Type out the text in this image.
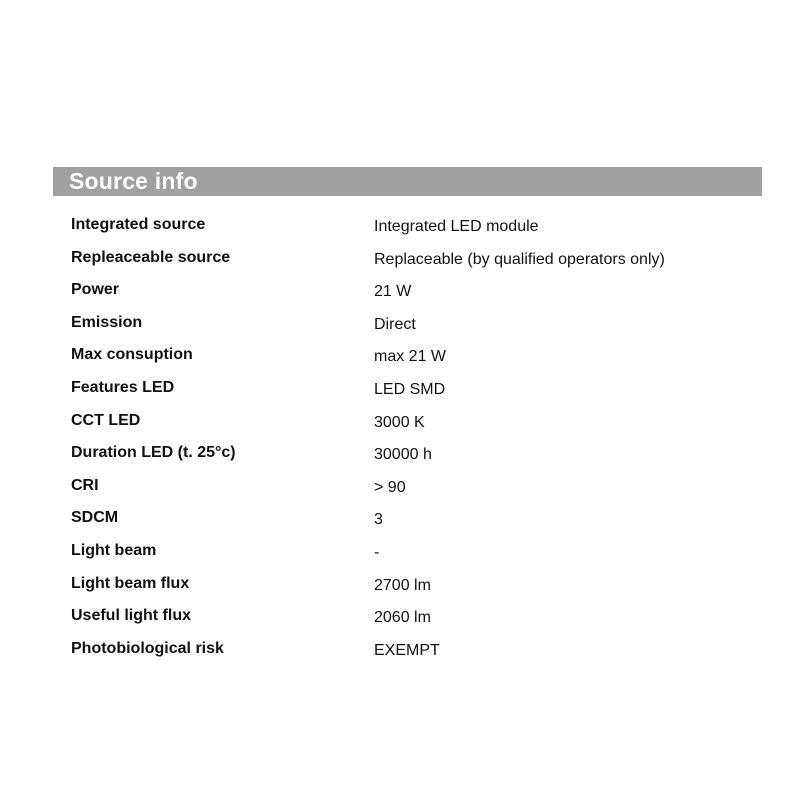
Source info
Integrated source	Integrated LED module
Repleaceable source	Replaceable (by qualified operators only)
Power	21 W
Emission	Direct
Max consuption	max 21 W
Features LED	LED SMD
CCT LED	3000 K
Duration LED (t. 25°c)	30000 h
CRI	> 90
SDCM	3
Light beam	-
Light beam flux	2700 lm
Useful light flux	2060 lm
Photobiological risk	EXEMPT
